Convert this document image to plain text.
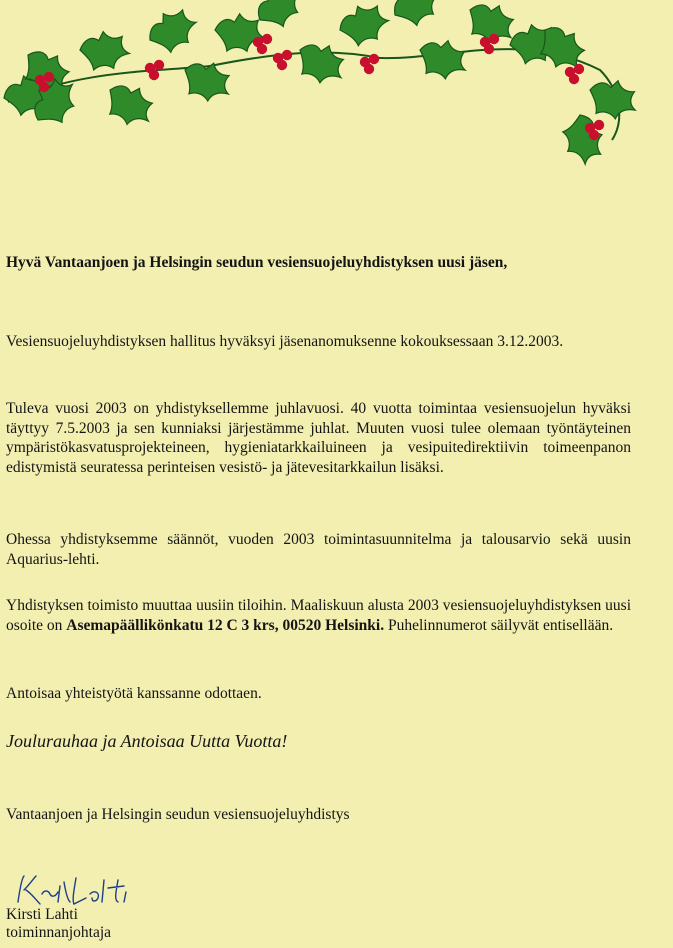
Hyvä Vantaanjoen ja Helsingin seudun vesiensuojeluyhdistyksen uusi jäsen,

Vesiensuojeluyhdistyksen hallitus hyväksyi jäsenanomuksenne kokouksessaan 3.12.2003.

Tuleva vuosi 2003 on yhdistyksellemme juhlavuosi. 40 vuotta toimintaa vesiensuojelun hyväksi täyttyy 7.5.2003 ja sen kunniaksi järjestämme juhlat. Muuten vuosi tulee olemaan työntäyteinen ympäristökasvatusprojekteineen, hygieniatarkkailuineen ja vesipuitedirektiivin toimeenpanon edistymistä seuratessa perinteisen vesistö- ja jätevesitarkkailun lisäksi.

Ohessa yhdistyksemme säännöt, vuoden 2003 toimintasuunnitelma ja talousarvio sekä uusin Aquarius-lehti.

Yhdistyksen toimisto muuttaa uusiin tiloihin. Maaliskuun alusta 2003 vesiensuojeluyhdistyksen uusi osoite on Asemapäällikönkatu 12 C 3 krs, 00520 Helsinki. Puhelinnumerot säilyvät entisellään.

Antoisaa yhteistyötä kanssanne odottaen.

Joulurauhaa ja Antoisaa Uutta Vuotta!

Vantaanjoen ja Helsingin seudun vesiensuojeluyhdistys

Kirsti Lahti
toiminnanjohtaja
